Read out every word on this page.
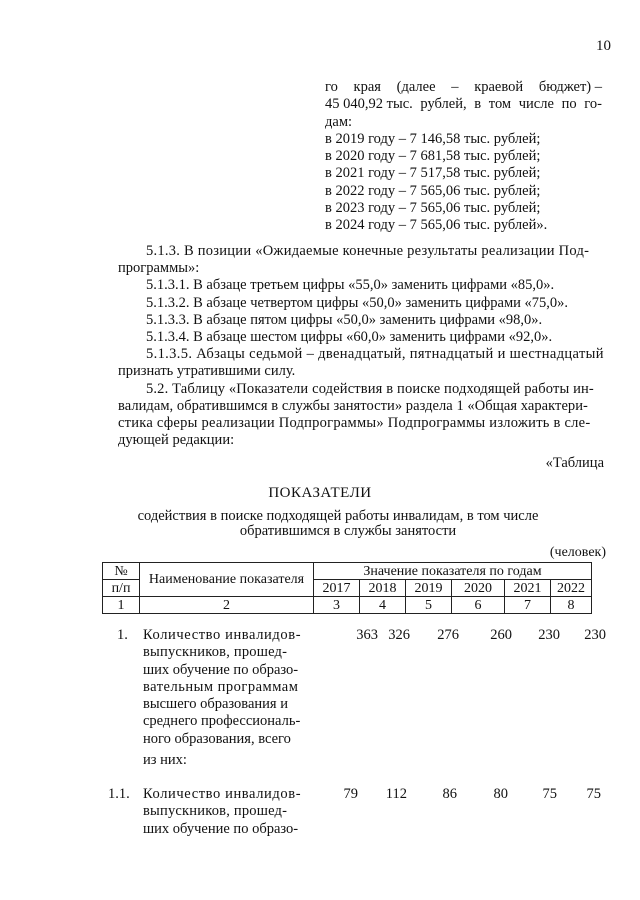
10
го края (далее – краевой бюджет) –
45 040,92 тыс. рублей, в том числе по го-
дам:
в 2019 году – 7 146,58 тыс. рублей;
в 2020 году – 7 681,58 тыс. рублей;
в 2021 году – 7 517,58 тыс. рублей;
в 2022 году – 7 565,06 тыс. рублей;
в 2023 году – 7 565,06 тыс. рублей;
в 2024 году – 7 565,06 тыс. рублей».
5.1.3. В позиции «Ожидаемые конечные результаты реализации Под-
программы»:
5.1.3.1. В абзаце третьем цифры «55,0» заменить цифрами «85,0».
5.1.3.2. В абзаце четвертом цифры «50,0» заменить цифрами «75,0».
5.1.3.3. В абзаце пятом цифры «50,0» заменить цифрами «98,0».
5.1.3.4. В абзаце шестом цифры «60,0» заменить цифрами «92,0».
5.1.3.5. Абзацы седьмой – двенадцатый, пятнадцатый и шестнадцатый
признать утратившими силу.
5.2. Таблицу «Показатели содействия в поиске подходящей работы ин-
валидам, обратившимся в службы занятости» раздела 1 «Общая характери-
стика сферы реализации Подпрограммы» Подпрограммы изложить в сле-
дующей редакции:
«Таблица
ПОКАЗАТЕЛИ
содействия в поиске подходящей работы инвалидам, в том числе
обратившимся в службы занятости
(человек)
№	Наименование показателя	Значение показателя по годам					
п/п		2017	2018	2019	2020	2021	2022
1	2	3	4	5	6	7	8
1. Количество инвалидов-
выпускников, прошед-
ших обучение по образо-
вательным программам
высшего образования и
среднего профессиональ-
ного образования, всего
363 326	276	260	230	230
из них:
1.1. Количество инвалидов-
выпускников, прошед-
ших обучение по образо-
79	112	86	80	75	75
